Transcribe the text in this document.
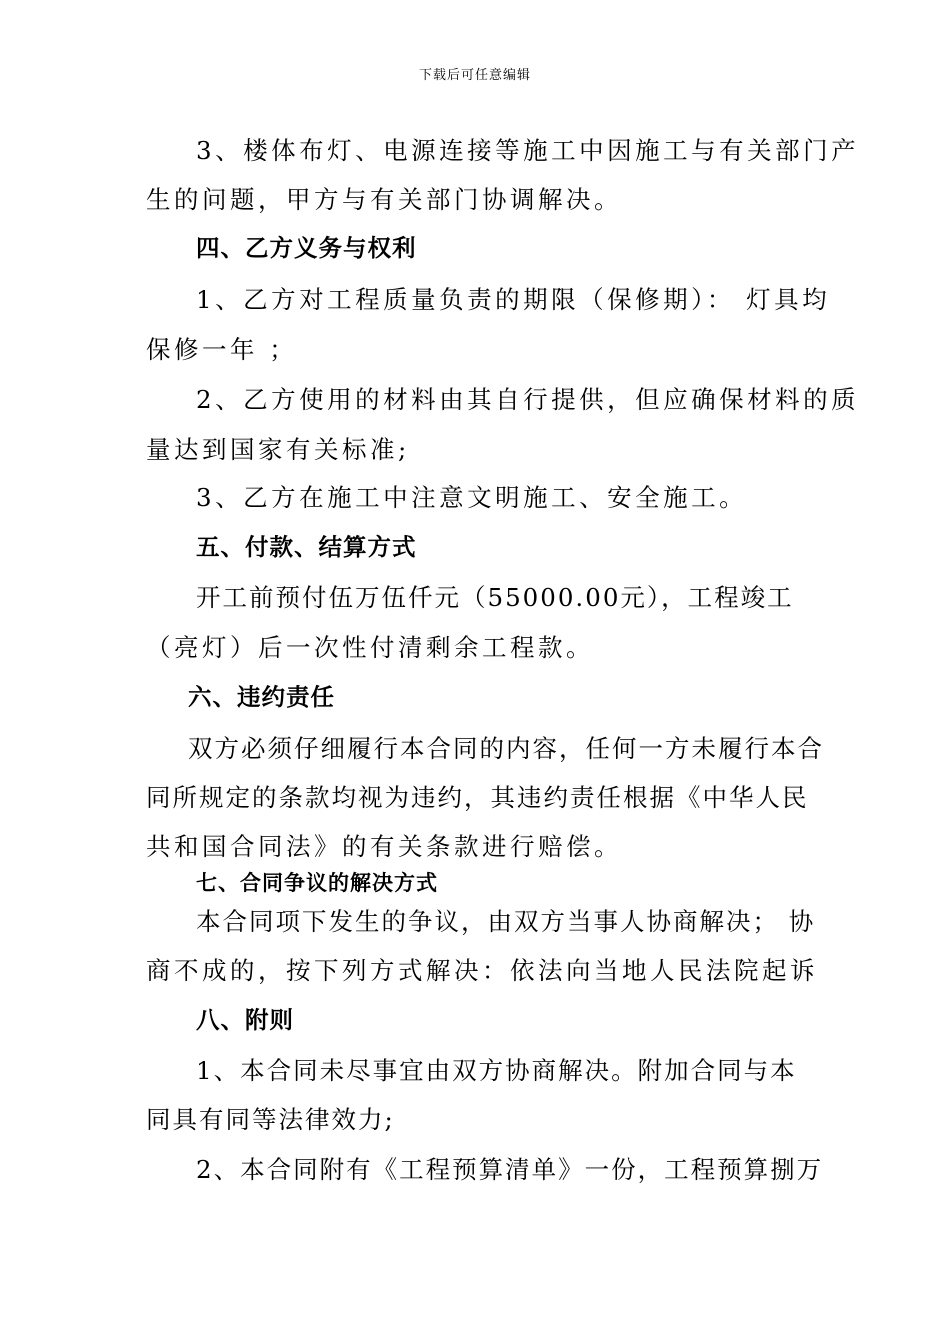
下载后可任意编辑
3、楼体布灯、电源连接等施工中因施工与有关部门产
生的问题，甲方与有关部门协调解决。
四、乙方义务与权利
1、乙方对工程质量负责的期限（保修期）： 灯具均
保修一年 ；
2、乙方使用的材料由其自行提供，但应确保材料的质
量达到国家有关标准;
3、乙方在施工中注意文明施工、安全施工。
五、付款、结算方式
开工前预付伍万伍仟元（55000.00元），工程竣工
（亮灯）后一次性付清剩余工程款。
六、违约责任
双方必须仔细履行本合同的内容，任何一方未履行本合
同所规定的条款均视为违约，其违约责任根据《中华人民
共和国合同法》的有关条款进行赔偿。
七、合同争议的解决方式
本合同项下发生的争议，由双方当事人协商解决； 协
商不成的，按下列方式解决：依法向当地人民法院起诉
八、附则
1、本合同未尽事宜由双方协商解决。附加合同与本
同具有同等法律效力;
2、本合同附有《工程预算清单》一份，工程预算捌万
